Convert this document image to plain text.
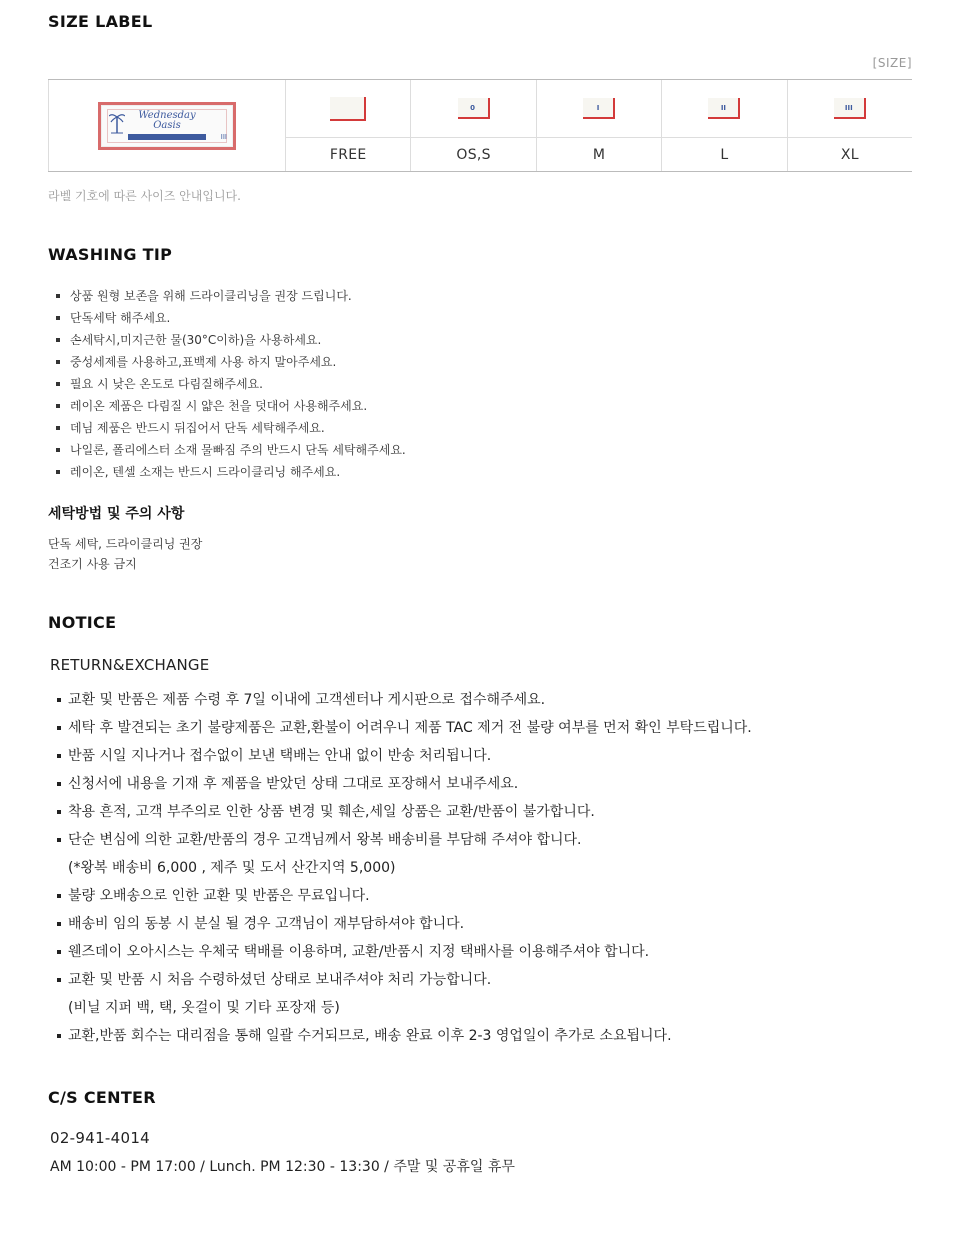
SIZE LABEL
[SIZE]
Wednesday
Oasis
III
FREE
0
OS,S
I
M
II
L
III
XL
라벨 기호에 따른 사이즈 안내입니다.
WASHING TIP
상품 원형 보존을 위해 드라이클리닝을 권장 드립니다.
단독세탁 해주세요.
손세탁시,미지근한 물(30°C이하)을 사용하세요.
중성세제를 사용하고,표백제 사용 하지 말아주세요.
필요 시 낮은 온도로 다림질해주세요.
레이온 제품은 다림질 시 얇은 천을 덧대어 사용해주세요.
데님 제품은 반드시 뒤집어서 단독 세탁해주세요.
나일론, 폴리에스터 소재 물빠짐 주의 반드시 단독 세탁해주세요.
레이온, 텐셀 소재는 반드시 드라이클리닝 해주세요.
세탁방법 및 주의 사항
단독 세탁, 드라이클리닝 권장
건조기 사용 금지
NOTICE
RETURN&EXCHANGE
교환 및 반품은 제품 수령 후 7일 이내에 고객센터나 게시판으로 접수해주세요.
세탁 후 발견되는 초기 불량제품은 교환,환불이 어려우니 제품 TAC 제거 전 불량 여부를 먼저 확인 부탁드립니다.
반품 시일 지나거나 접수없이 보낸 택배는 안내 없이 반송 처리됩니다.
신청서에 내용을 기재 후 제품을 받았던 상태 그대로 포장해서 보내주세요.
착용 흔적, 고객 부주의로 인한 상품 변경 및 훼손,세일 상품은 교환/반품이 불가합니다.
단순 변심에 의한 교환/반품의 경우 고객님께서 왕복 배송비를 부담해 주셔야 합니다.
(*왕복 배송비 6,000 , 제주 및 도서 산간지역 5,000)
불량 오배송으로 인한 교환 및 반품은 무료입니다.
배송비 임의 동봉 시 분실 될 경우 고객님이 재부담하셔야 합니다.
웬즈데이 오아시스는 우체국 택배를 이용하며, 교환/반품시 지정 택배사를 이용해주셔야 합니다.
교환 및 반품 시 처음 수령하셨던 상태로 보내주셔야 처리 가능합니다.
(비닐 지퍼 백, 택, 옷걸이 및 기타 포장재 등)
교환,반품 회수는 대리점을 통해 일괄 수거되므로, 배송 완료 이후 2-3 영업일이 추가로 소요됩니다.
C/S CENTER
02-941-4014
AM 10:00 - PM 17:00 / Lunch. PM 12:30 - 13:30 / 주말 및 공휴일 휴무
